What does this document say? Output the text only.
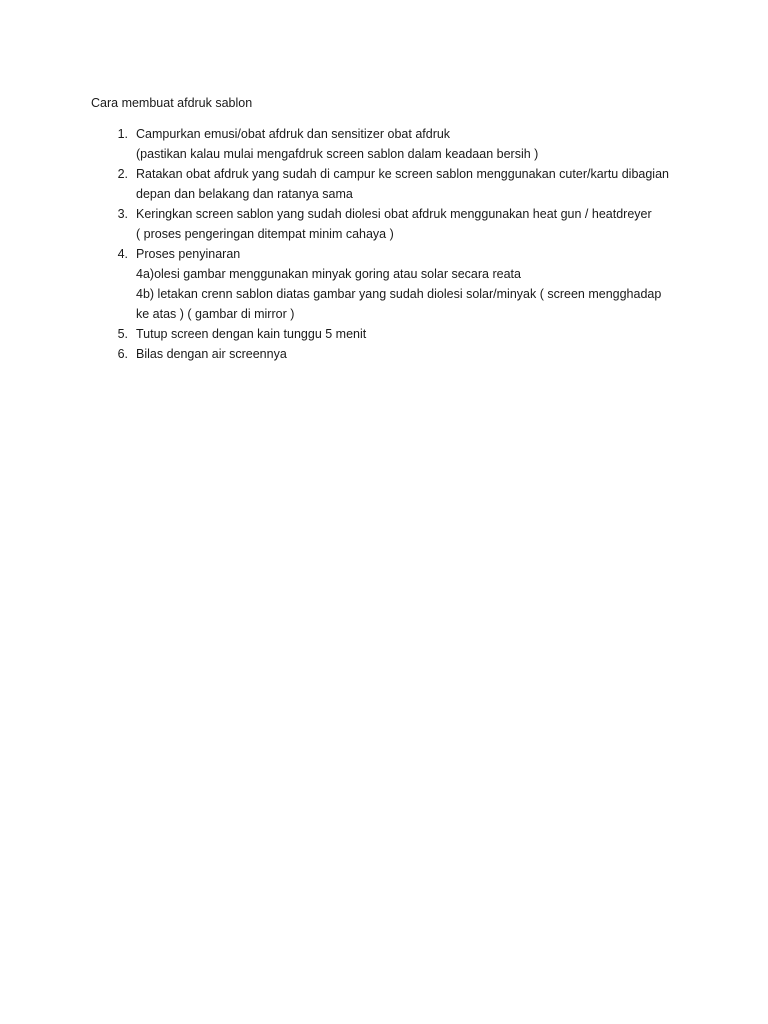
Cara membuat afdruk sablon
1. Campurkan emusi/obat afdruk dan sensitizer obat afdruk
(pastikan kalau mulai mengafdruk screen sablon dalam keadaan bersih )
2. Ratakan obat afdruk yang sudah di campur ke screen sablon menggunakan cuter/kartu dibagian
depan dan belakang dan ratanya sama
3. Keringkan screen sablon yang sudah diolesi obat afdruk menggunakan heat gun / heatdreyer
( proses pengeringan ditempat minim cahaya )
4. Proses penyinaran
4a)olesi gambar menggunakan minyak goring atau solar secara reata
4b) letakan crenn sablon diatas gambar yang sudah diolesi solar/minyak ( screen mengghadap
ke atas ) ( gambar di mirror )
5. Tutup screen dengan kain tunggu 5 menit
6. Bilas dengan air screennya
